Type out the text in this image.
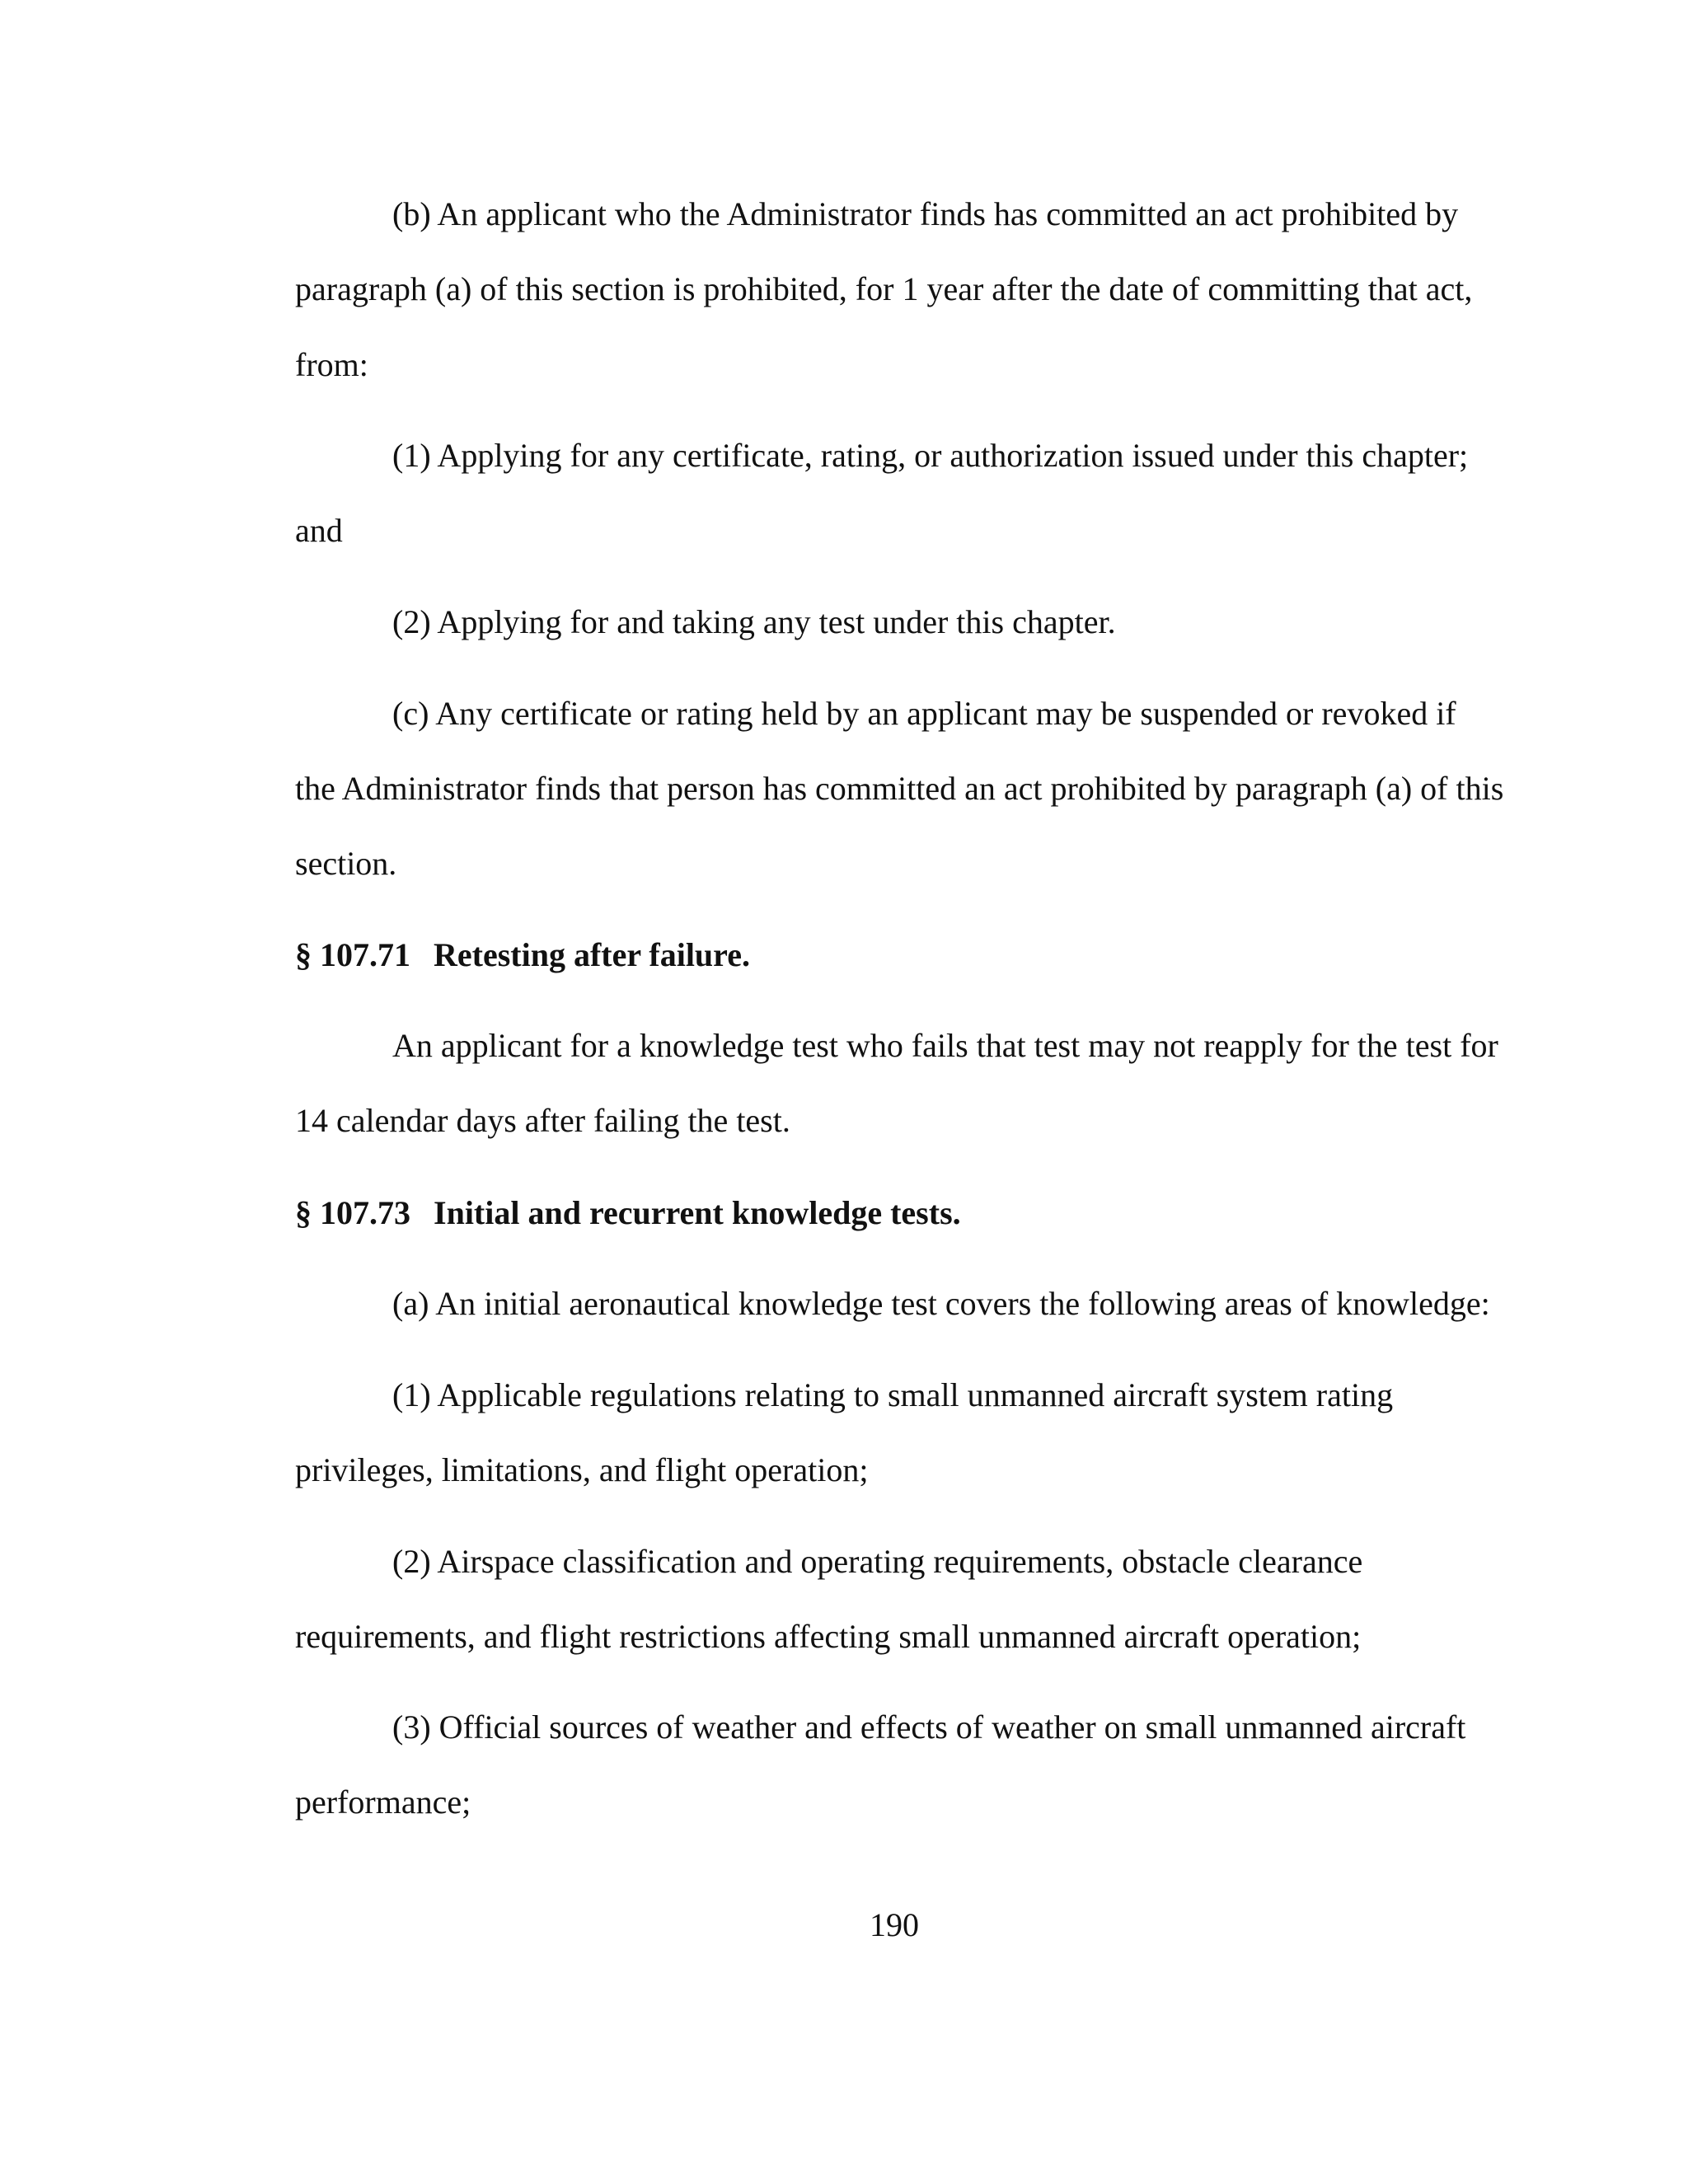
(b) An applicant who the Administrator finds has committed an act prohibited by

paragraph (a) of this section is prohibited, for 1 year after the date of committing that act,

from:

(1) Applying for any certificate, rating, or authorization issued under this chapter;

and

(2) Applying for and taking any test under this chapter.

(c) Any certificate or rating held by an applicant may be suspended or revoked if

the Administrator finds that person has committed an act prohibited by paragraph (a) of this

section.

§ 107.71 Retesting after failure.

An applicant for a knowledge test who fails that test may not reapply for the test for

14 calendar days after failing the test.

§ 107.73 Initial and recurrent knowledge tests.

(a) An initial aeronautical knowledge test covers the following areas of knowledge:

(1) Applicable regulations relating to small unmanned aircraft system rating

privileges, limitations, and flight operation;

(2) Airspace classification and operating requirements, obstacle clearance

requirements, and flight restrictions affecting small unmanned aircraft operation;

(3) Official sources of weather and effects of weather on small unmanned aircraft

performance;

190
